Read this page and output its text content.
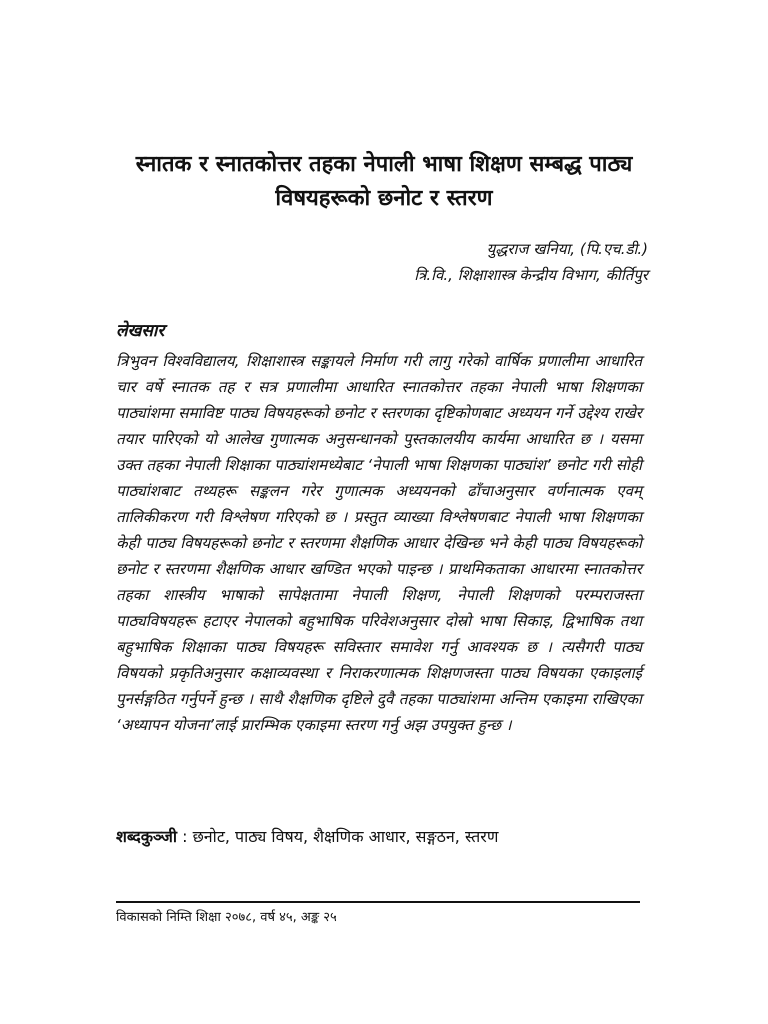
स्नातक र स्नातकोत्तर तहका नेपाली भाषा शिक्षण सम्बद्ध पाठ्य
विषयहरूको छनोट र स्तरण
युद्धराज खनिया, (पि.एच.डी.)
त्रि.वि., शिक्षाशास्त्र केन्द्रीय विभाग, कीर्तिपुर
लेखसार

त्रिभुवन विश्वविद्यालय, शिक्षाशास्त्र सङ्कायले निर्माण गरी लागु गरेको वार्षिक प्रणालीमा आधारित चार वर्षे स्नातक तह र सत्र प्रणालीमा आधारित स्नातकोत्तर तहका नेपाली भाषा शिक्षणका पाठ्यांशमा समाविष्ट पाठ्य विषयहरूको छनोट र स्तरणका दृष्टिकोणबाट अध्ययन गर्ने उद्देश्य राखेर तयार पारिएको यो आलेख गुणात्मक अनुसन्धानको पुस्तकालयीय कार्यमा आधारित छ । यसमा उक्त तहका नेपाली शिक्षाका पाठ्यांशमध्येबाट ‘नेपाली भाषा शिक्षणका पाठ्यांश’ छनोट गरी सोही पाठ्यांशबाट तथ्यहरू सङ्कलन गरेर गुणात्मक अध्ययनको ढाँचाअनुसार वर्णनात्मक एवम् तालिकीकरण गरी विश्लेषण गरिएको छ । प्रस्तुत व्याख्या विश्लेषणबाट नेपाली भाषा शिक्षणका केही पाठ्य विषयहरूको छनोट र स्तरणमा शैक्षणिक आधार देखिन्छ भने केही पाठ्य विषयहरूको छनोट र स्तरणमा शैक्षणिक आधार खण्डित भएको पाइन्छ । प्राथमिकताका आधारमा स्नातकोत्तर तहका शास्त्रीय भाषाको सापेक्षतामा नेपाली शिक्षण, नेपाली शिक्षणको परम्पराजस्ता पाठ्यविषयहरू हटाएर नेपालको बहुभाषिक परिवेशअनुसार दोस्रो भाषा सिकाइ, द्विभाषिक तथा बहुभाषिक शिक्षाका पाठ्य विषयहरू सविस्तार समावेश गर्नु आवश्यक छ । त्यसैगरी पाठ्य विषयको प्रकृतिअनुसार कक्षाव्यवस्था र निराकरणात्मक शिक्षणजस्ता पाठ्य विषयका एकाइलाई पुनर्सङ्गठित गर्नुपर्ने हुन्छ । साथै शैक्षणिक दृष्टिले दुवै तहका पाठ्यांशमा अन्तिम एकाइमा राखिएका ‘अध्यापन योजना’लाई प्रारम्भिक एकाइमा स्तरण गर्नु अझ उपयुक्त हुन्छ ।

शब्दकुञ्जी : छनोट, पाठ्य विषय, शैक्षणिक आधार, सङ्गठन, स्तरण
विकासको निम्ति शिक्षा २०७८, वर्ष ४५, अङ्क २५
